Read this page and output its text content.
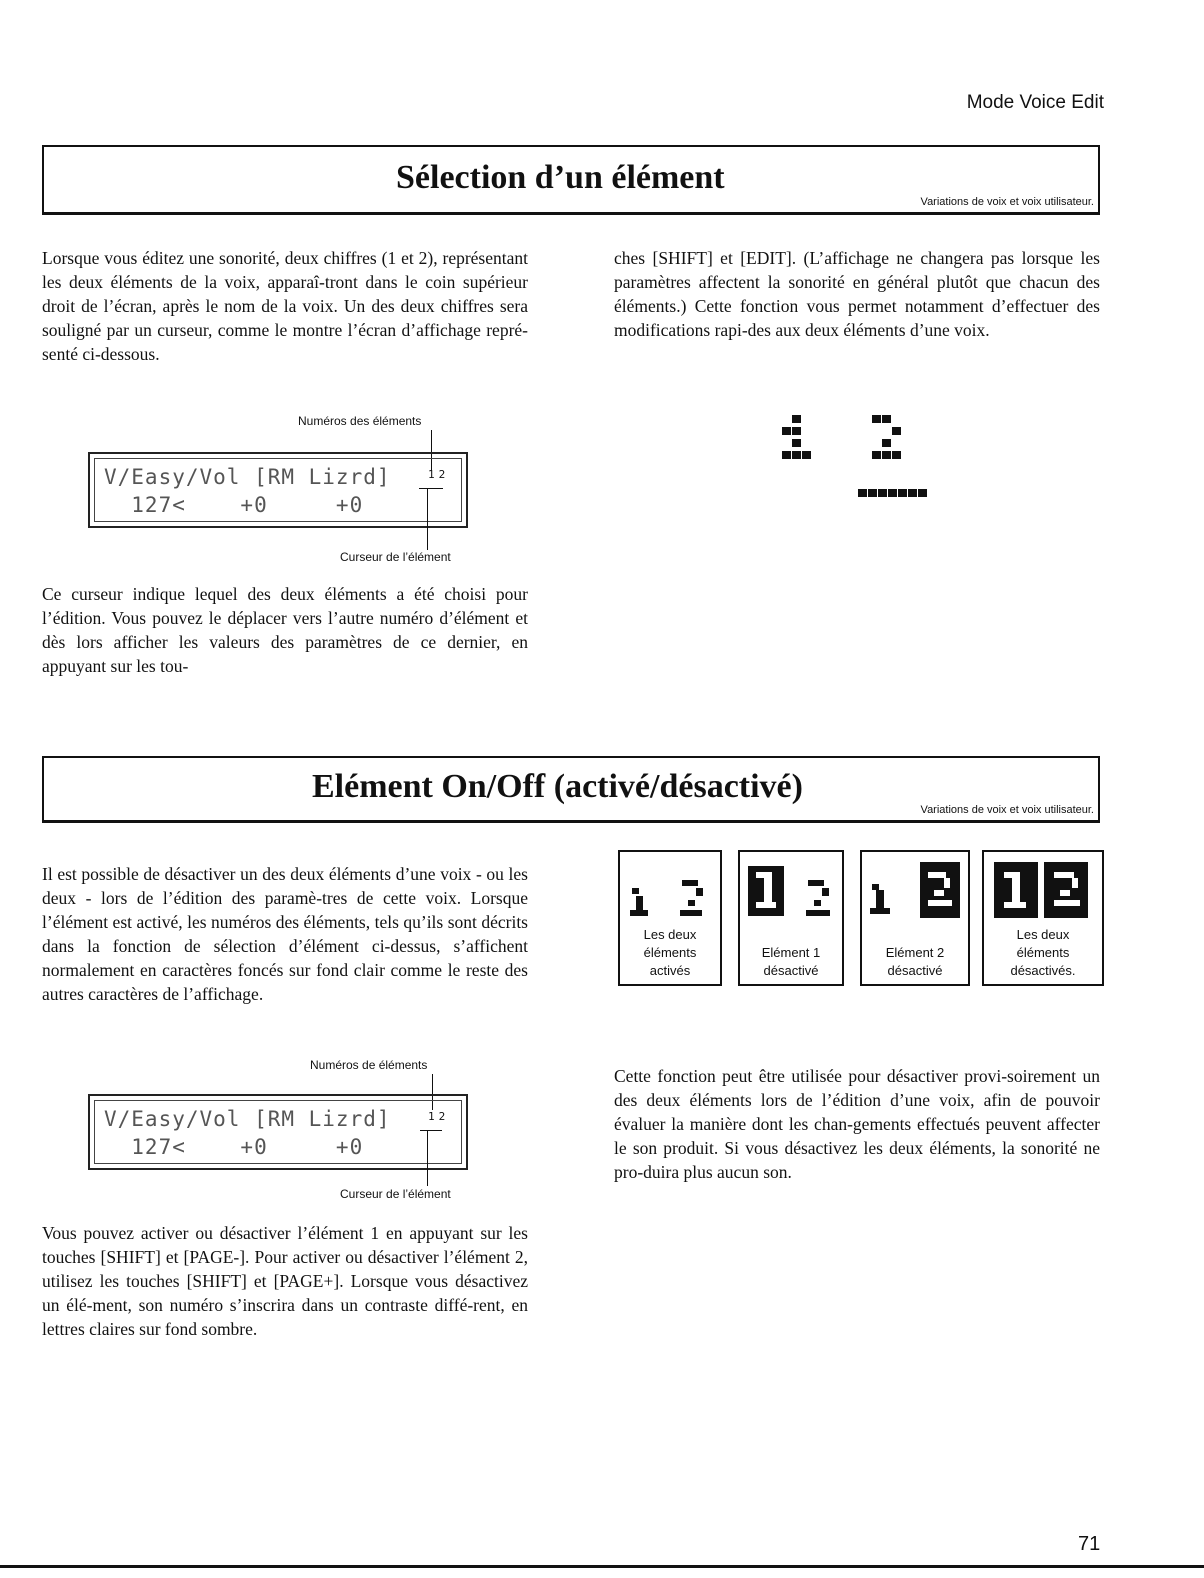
Mode Voice Edit
Sélection d’un élément
Variations de voix et voix utilisateur.
Lorsque vous éditez une sonorité, deux chiffres (1 et 2), représentant les deux éléments de la voix, apparaî-tront dans le coin supérieur droit de l’écran, après le nom de la voix. Un des deux chiffres sera souligné par un curseur, comme le montre l’écran d’affichage repré-senté ci-dessous.
ches [SHIFT] et [EDIT]. (L’affichage ne changera pas lorsque les paramètres affectent la sonorité en général plutôt que chacun des éléments.) Cette fonction vous permet notamment d’effectuer des modifications rapi-des aux deux éléments d’une voix.
Numéros des éléments
V/Easy/Vol [RM Lizrd]	12
127<    +0     +0
Curseur de l’élément
Ce curseur indique lequel des deux éléments a été choisi pour l’édition. Vous pouvez le déplacer vers l’autre numéro d’élément et dès lors afficher les valeurs des paramètres de ce dernier, en appuyant sur les tou-
Elément On/Off (activé/désactivé)
Variations de voix et voix utilisateur.
Il est possible de désactiver un des deux éléments d’une voix - ou les deux - lors de l’édition des paramè-tres de cette voix. Lorsque l’élément est activé, les numéros des éléments, tels qu’ils sont décrits dans la fonction de sélection d’élément ci-dessus, s’affichent normalement en caractères foncés sur fond clair comme le reste des autres caractères de l’affichage.
Les deux éléments activés
Elément 1 désactivé
Elément 2 désactivé
Les deux éléments désactivés.
Numéros de éléments
V/Easy/Vol [RM Lizrd]	12
127<    +0     +0
Curseur de l’élément
Vous pouvez activer ou désactiver l’élément 1 en appuyant sur les touches [SHIFT] et [PAGE-]. Pour activer ou désactiver l’élément 2, utilisez les touches [SHIFT] et [PAGE+]. Lorsque vous désactivez un élé-ment, son numéro s’inscrira dans un contraste diffé-rent, en lettres claires sur fond sombre.
Cette fonction peut être utilisée pour désactiver provi-soirement un des deux éléments lors de l’édition d’une voix, afin de pouvoir évaluer la manière dont les chan-gements effectués peuvent affecter le son produit. Si vous désactivez les deux éléments, la sonorité ne pro-duira plus aucun son.
71
